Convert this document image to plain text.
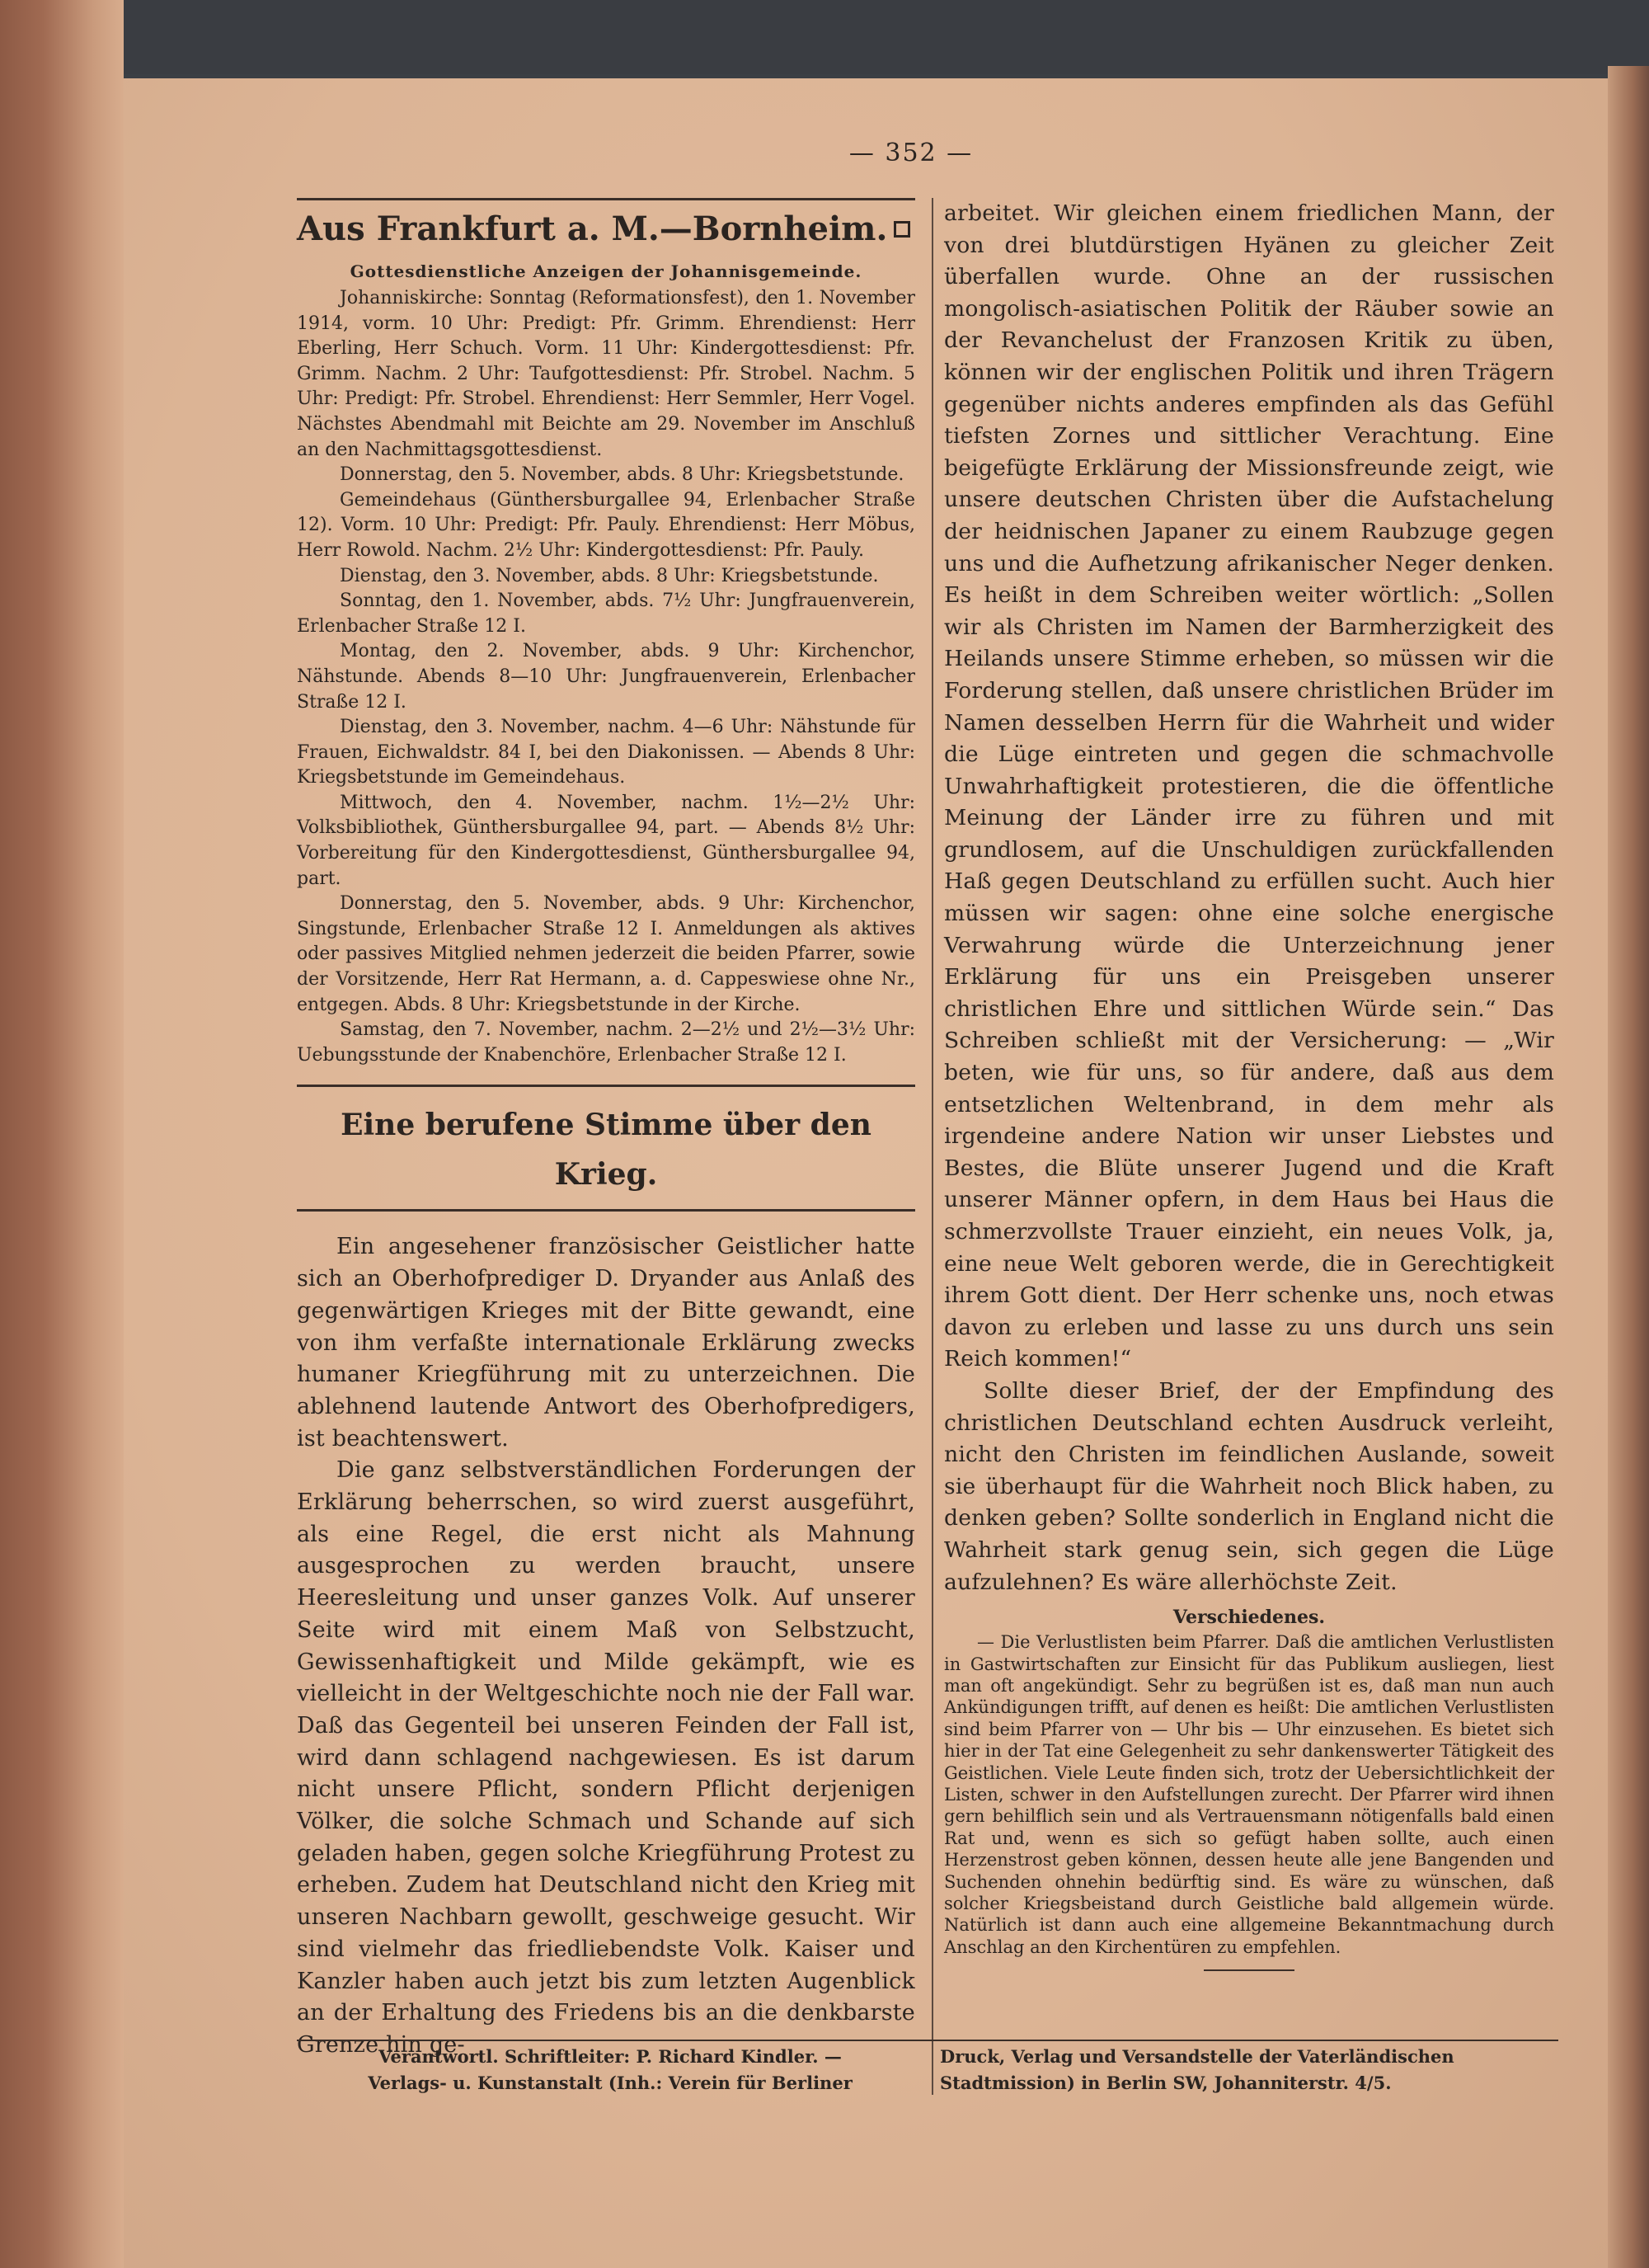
— 352 —
Aus Frankfurt a. M.—Bornheim.
Gottesdienstliche Anzeigen der Johannisgemeinde.

Johanniskirche: Sonntag (Reformationsfest), den 1. November 1914, vorm. 10 Uhr: Predigt: Pfr. Grimm. Ehrendienst: Herr Eberling, Herr Schuch. Vorm. 11 Uhr: Kindergottesdienst: Pfr. Grimm. Nachm. 2 Uhr: Taufgottesdienst: Pfr. Strobel. Nachm. 5 Uhr: Predigt: Pfr. Strobel. Ehrendienst: Herr Semmler, Herr Vogel. Nächstes Abendmahl mit Beichte am 29. November im Anschluß an den Nachmittagsgottesdienst.

Donnerstag, den 5. November, abds. 8 Uhr: Kriegsbetstunde.

Gemeindehaus (Günthersburgallee 94, Erlenbacher Straße 12). Vorm. 10 Uhr: Predigt: Pfr. Pauly. Ehrendienst: Herr Möbus, Herr Rowold. Nachm. 2½ Uhr: Kindergottesdienst: Pfr. Pauly.

Dienstag, den 3. November, abds. 8 Uhr: Kriegsbetstunde.

Sonntag, den 1. November, abds. 7½ Uhr: Jungfrauenverein, Erlenbacher Straße 12 I.

Montag, den 2. November, abds. 9 Uhr: Kirchenchor, Nähstunde. Abends 8—10 Uhr: Jungfrauenverein, Erlenbacher Straße 12 I.

Dienstag, den 3. November, nachm. 4—6 Uhr: Nähstunde für Frauen, Eichwaldstr. 84 I, bei den Diakonissen. — Abends 8 Uhr: Kriegsbetstunde im Gemeindehaus.

Mittwoch, den 4. November, nachm. 1½—2½ Uhr: Volksbibliothek, Günthersburgallee 94, part. — Abends 8½ Uhr: Vorbereitung für den Kindergottesdienst, Günthersburgallee 94, part.

Donnerstag, den 5. November, abds. 9 Uhr: Kirchenchor, Singstunde, Erlenbacher Straße 12 I. Anmeldungen als aktives oder passives Mitglied nehmen jederzeit die beiden Pfarrer, sowie der Vorsitzende, Herr Rat Hermann, a. d. Cappeswiese ohne Nr., entgegen. Abds. 8 Uhr: Kriegsbetstunde in der Kirche.

Samstag, den 7. November, nachm. 2—2½ und 2½—3½ Uhr: Uebungsstunde der Knabenchöre, Erlenbacher Straße 12 I.

Eine berufene Stimme über den Krieg.

Ein angesehener französischer Geistlicher hatte sich an Oberhofprediger D. Dryander aus Anlaß des gegenwärtigen Krieges mit der Bitte gewandt, eine von ihm verfaßte internationale Erklärung zwecks humaner Kriegführung mit zu unterzeichnen. Die ablehnend lautende Antwort des Oberhofpredigers, ist beachtenswert.

Die ganz selbstverständlichen Forderungen der Erklärung beherrschen, so wird zuerst ausgeführt, als eine Regel, die erst nicht als Mahnung ausgesprochen zu werden braucht, unsere Heeresleitung und unser ganzes Volk. Auf unserer Seite wird mit einem Maß von Selbstzucht, Gewissenhaftigkeit und Milde gekämpft, wie es vielleicht in der Weltgeschichte noch nie der Fall war. Daß das Gegenteil bei unseren Feinden der Fall ist, wird dann schlagend nachgewiesen. Es ist darum nicht unsere Pflicht, sondern Pflicht derjenigen Völker, die solche Schmach und Schande auf sich geladen haben, gegen solche Kriegführung Protest zu erheben. Zudem hat Deutschland nicht den Krieg mit unseren Nachbarn gewollt, geschweige gesucht. Wir sind vielmehr das friedliebendste Volk. Kaiser und Kanzler haben auch jetzt bis zum letzten Augenblick an der Erhaltung des Friedens bis an die denkbarste Grenze hin ge-

arbeitet. Wir gleichen einem friedlichen Mann, der von drei blutdürstigen Hyänen zu gleicher Zeit überfallen wurde. Ohne an der russischen mongolisch-asiatischen Politik der Räuber sowie an der Revanchelust der Franzosen Kritik zu üben, können wir der englischen Politik und ihren Trägern gegenüber nichts anderes empfinden als das Gefühl tiefsten Zornes und sittlicher Verachtung. Eine beigefügte Erklärung der Missionsfreunde zeigt, wie unsere deutschen Christen über die Aufstachelung der heidnischen Japaner zu einem Raubzuge gegen uns und die Aufhetzung afrikanischer Neger denken. Es heißt in dem Schreiben weiter wörtlich: „Sollen wir als Christen im Namen der Barmherzigkeit des Heilands unsere Stimme erheben, so müssen wir die Forderung stellen, daß unsere christlichen Brüder im Namen desselben Herrn für die Wahrheit und wider die Lüge eintreten und gegen die schmachvolle Unwahrhaftigkeit protestieren, die die öffentliche Meinung der Länder irre zu führen und mit grundlosem, auf die Unschuldigen zurückfallenden Haß gegen Deutschland zu erfüllen sucht. Auch hier müssen wir sagen: ohne eine solche energische Verwahrung würde die Unterzeichnung jener Erklärung für uns ein Preisgeben unserer christlichen Ehre und sittlichen Würde sein.“ Das Schreiben schließt mit der Versicherung: — „Wir beten, wie für uns, so für andere, daß aus dem entsetzlichen Weltenbrand, in dem mehr als irgendeine andere Nation wir unser Liebstes und Bestes, die Blüte unserer Jugend und die Kraft unserer Männer opfern, in dem Haus bei Haus die schmerzvollste Trauer einzieht, ein neues Volk, ja, eine neue Welt geboren werde, die in Gerechtigkeit ihrem Gott dient. Der Herr schenke uns, noch etwas davon zu erleben und lasse zu uns durch uns sein Reich kommen!“

Sollte dieser Brief, der der Empfindung des christlichen Deutschland echten Ausdruck verleiht, nicht den Christen im feindlichen Auslande, soweit sie überhaupt für die Wahrheit noch Blick haben, zu denken geben? Sollte sonderlich in England nicht die Wahrheit stark genug sein, sich gegen die Lüge aufzulehnen? Es wäre allerhöchste Zeit.

Verschiedenes.

— Die Verlustlisten beim Pfarrer. Daß die amtlichen Verlustlisten in Gastwirtschaften zur Einsicht für das Publikum ausliegen, liest man oft angekündigt. Sehr zu begrüßen ist es, daß man nun auch Ankündigungen trifft, auf denen es heißt: Die amtlichen Verlustlisten sind beim Pfarrer von — Uhr bis — Uhr einzusehen. Es bietet sich hier in der Tat eine Gelegenheit zu sehr dankenswerter Tätigkeit des Geistlichen. Viele Leute finden sich, trotz der Uebersichtlichkeit der Listen, schwer in den Aufstellungen zurecht. Der Pfarrer wird ihnen gern behilflich sein und als Vertrauensmann nötigenfalls bald einen Rat und, wenn es sich so gefügt haben sollte, auch einen Herzenstrost geben können, dessen heute alle jene Bangenden und Suchenden ohnehin bedürftig sind. Es wäre zu wünschen, daß solcher Kriegsbeistand durch Geistliche bald allgemein würde. Natürlich ist dann auch eine allgemeine Bekanntmachung durch Anschlag an den Kirchentüren zu empfehlen.

Verantwortl. Schriftleiter: P. Richard Kindler. —
Verlags- u. Kunstanstalt (Inh.: Verein für Berliner
Druck, Verlag und Versandstelle der Vaterländischen
Stadtmission) in Berlin SW, Johanniterstr. 4/5.
